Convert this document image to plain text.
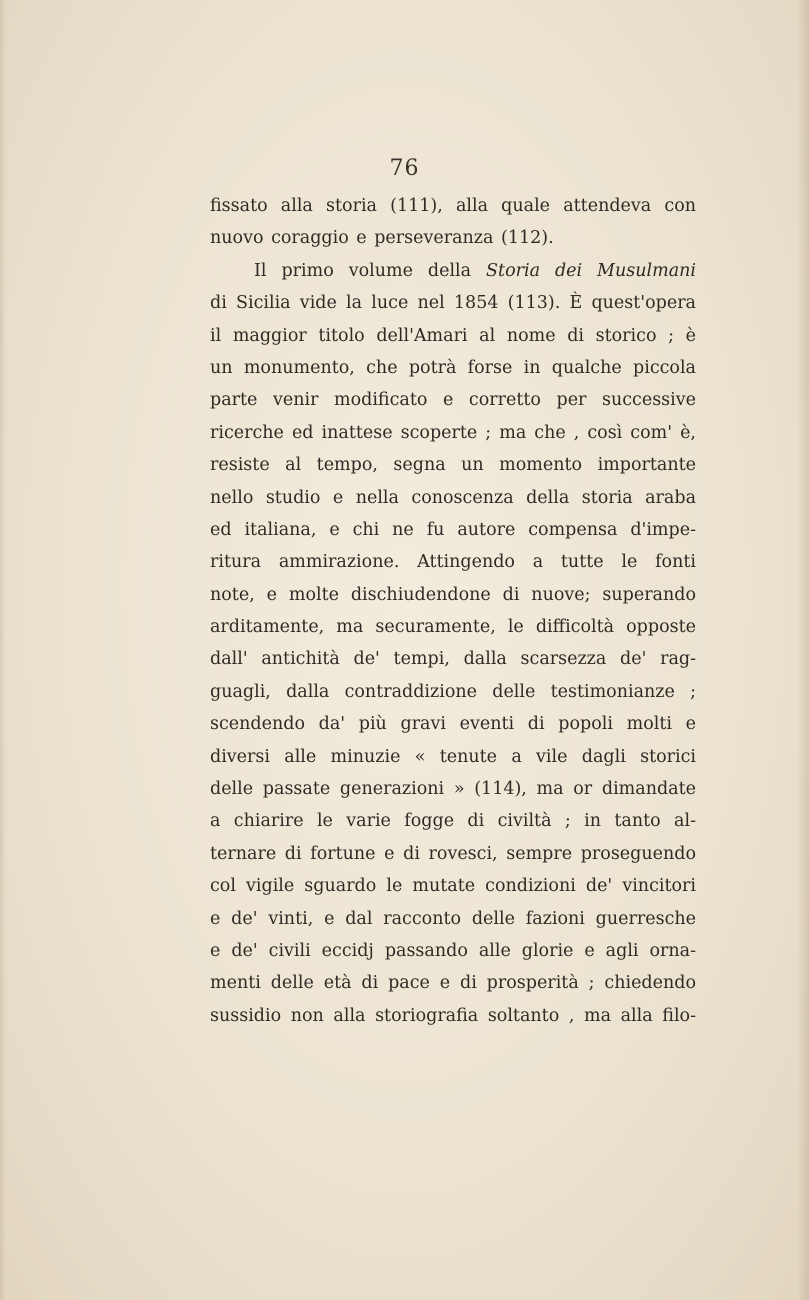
76
fissato alla storia (111), alla quale attendeva con
nuovo coraggio e perseveranza (112).
Il primo volume della Storia dei Musulmani
di Sicilia vide la luce nel 1854 (113). È quest'opera
il maggior titolo dell'Amari al nome di storico ; è
un monumento, che potrà forse in qualche piccola
parte venir modificato e corretto per successive
ricerche ed inattese scoperte ; ma che , così com' è,
resiste al tempo, segna un momento importante
nello studio e nella conoscenza della storia araba
ed italiana, e chi ne fu autore compensa d'impe-
ritura ammirazione. Attingendo a tutte le fonti
note, e molte dischiudendone di nuove; superando
arditamente, ma securamente, le difficoltà opposte
dall' antichità de' tempi, dalla scarsezza de' rag-
guagli, dalla contraddizione delle testimonianze ;
scendendo da' più gravi eventi di popoli molti e
diversi alle minuzie « tenute a vile dagli storici
delle passate generazioni » (114), ma or dimandate
a chiarire le varie fogge di civiltà ; in tanto al-
ternare di fortune e di rovesci, sempre proseguendo
col vigile sguardo le mutate condizioni de' vincitori
e de' vinti, e dal racconto delle fazioni guerresche
e de' civili eccidj passando alle glorie e agli orna-
menti delle età di pace e di prosperità ; chiedendo
sussidio non alla storiografia soltanto , ma alla filo-
